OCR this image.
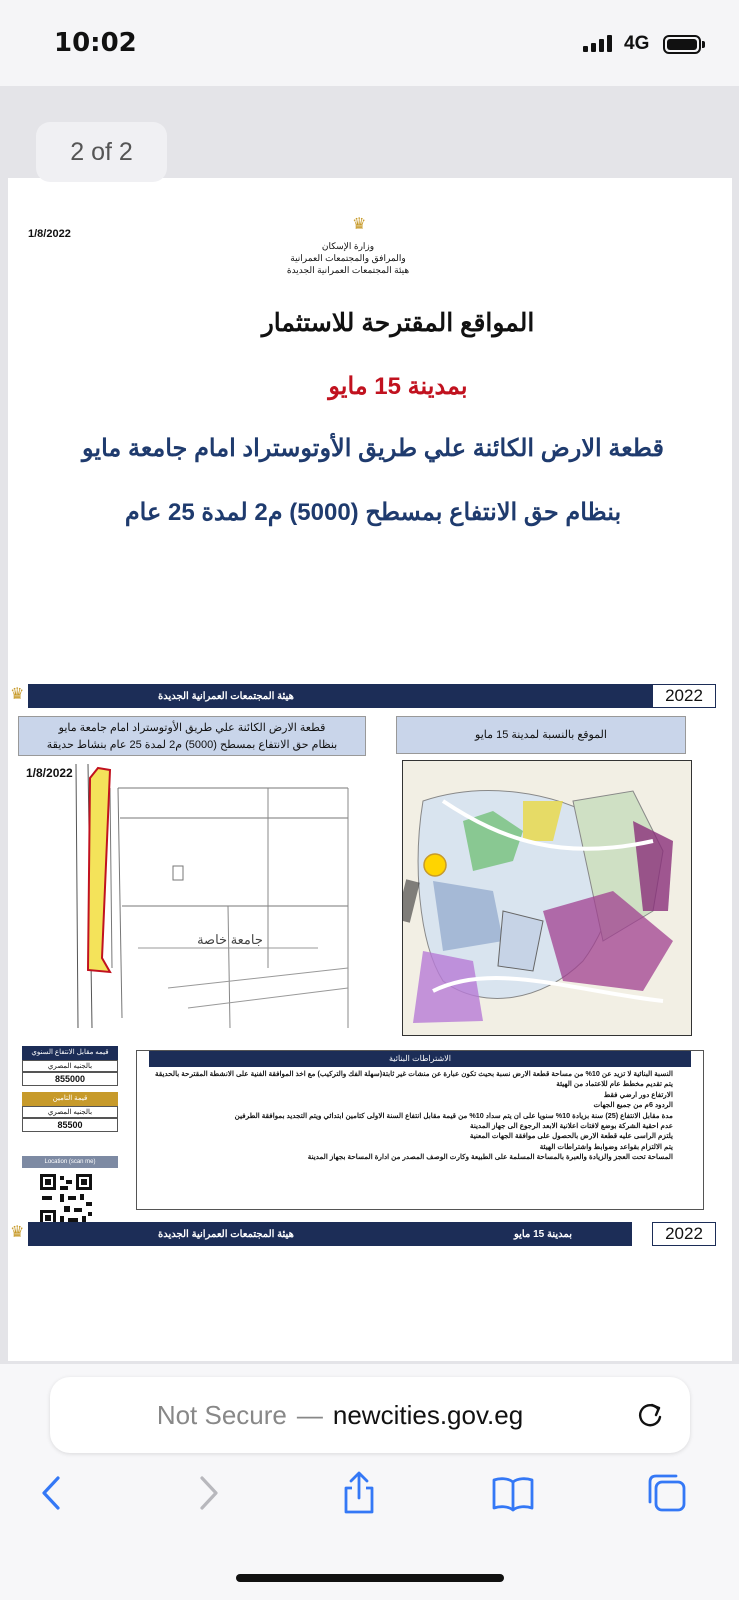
10:02	4G
1/8/2022
♛
وزارة الإسكان
والمرافق والمجتمعات العمرانية
هيئة المجتمعات العمرانية الجديدة
المواقع المقترحة للاستثمار
بمدينة 15 مايو
قطعة الارض الكائنة علي طريق الأوتوستراد امام جامعة مايو
بنظام حق الانتفاع بمسطح (5000) م2 لمدة 25 عام
♛	هيئة المجتمعات العمرانية الجديدة	2022
قطعة الارض الكائنة علي طريق الأوتوستراد امام جامعة مايو
بنظام حق الانتفاع بمسطح (5000) م2 لمدة 25 عام بنشاط حديقة
الموقع بالنسبة لمدينة 15 مايو
جامعة خاصة
1/8/2022
قيمه مقابل الانتفاع السنوي
بالجنيه المصري
855000
قيمة التامين
بالجنيه المصري
85500
Location (scan me)
الاشتراطات البنائية
النسبة البنائية لا تزيد عن 10% من مساحة قطعة الارض نسبة بحيث تكون عبارة عن منشات غير ثابتة(سهلة الفك والتركيب) مع اخذ الموافقة الفنية على الانشطة المقترحة بالحديقة
يتم تقديم مخطط عام للاعتماد من الهيئة
الارتفاع دور ارضي فقط
الردود 6م من جميع الجهات
مدة مقابل الانتفاع (25) سنة بزيادة 10% سنويا على ان يتم سداد 10% من قيمة مقابل انتفاع السنة الاولى كتامين ابتدائي ويتم التجديد بموافقة الطرفين
عدم احقية الشركة بوضع لافتات اعلانية الابعد الرجوع الى جهاز المدينة
يلتزم الراسى عليه قطعة الارض بالحصول على موافقة الجهات المعنية
يتم الالتزام بقواعد وضوابط واشتراطات الهيئة
المساحة تحت العجز والزيادة والعبرة بالمساحة المسلمة على الطبيعة وكارت الوصف المصدر من ادارة المساحة بجهاز المدينة
♛	هيئة المجتمعات العمرانية الجديدة	بمدينة 15 مايو	2022
2 of 2
Not Secure — newcities.gov.eg
